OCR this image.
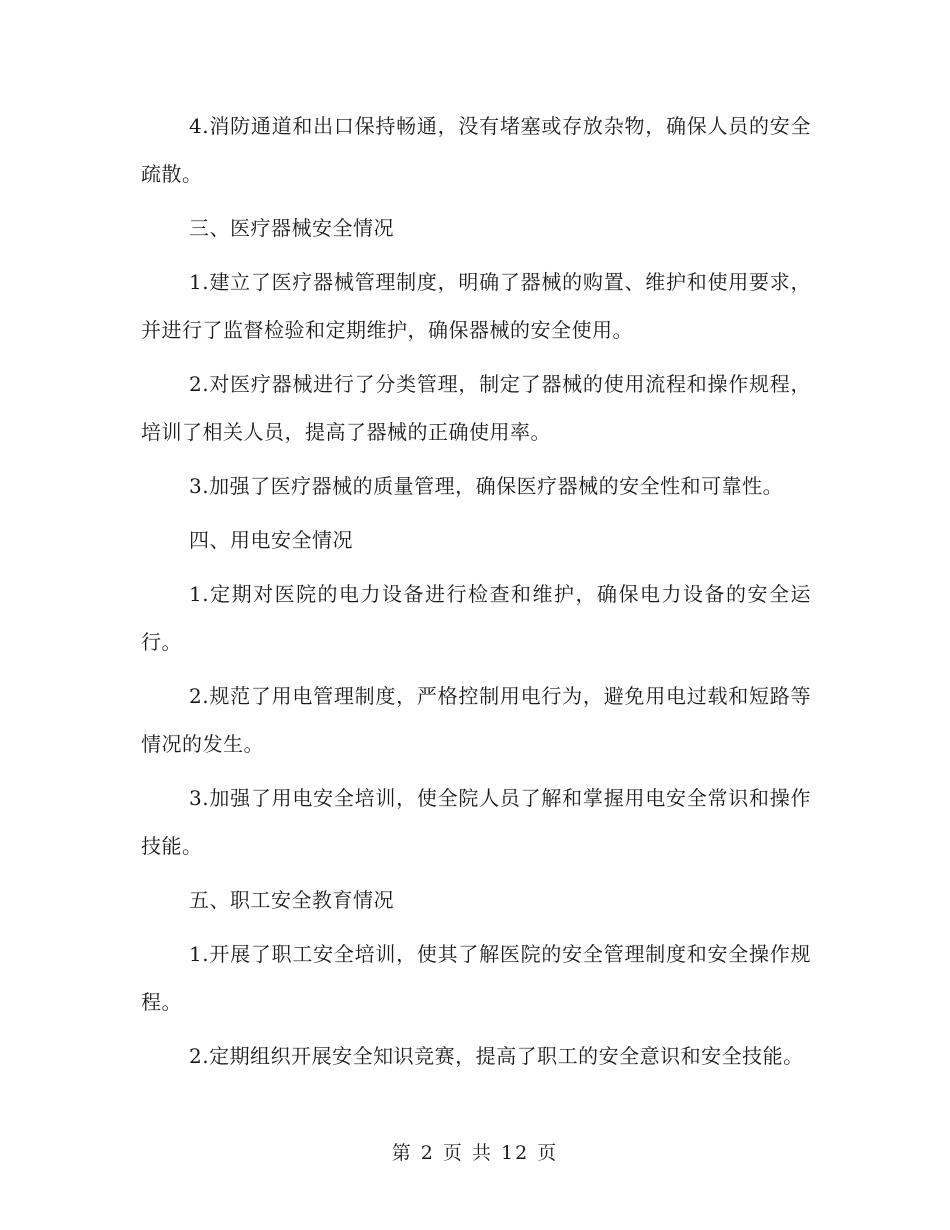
4.消防通道和出口保持畅通，没有堵塞或存放杂物，确保人员的安全疏散。

三、医疗器械安全情况

1.建立了医疗器械管理制度，明确了器械的购置、维护和使用要求，并进行了监督检验和定期维护，确保器械的安全使用。

2.对医疗器械进行了分类管理，制定了器械的使用流程和操作规程，培训了相关人员，提高了器械的正确使用率。

3.加强了医疗器械的质量管理，确保医疗器械的安全性和可靠性。

四、用电安全情况

1.定期对医院的电力设备进行检查和维护，确保电力设备的安全运行。

2.规范了用电管理制度，严格控制用电行为，避免用电过载和短路等情况的发生。

3.加强了用电安全培训，使全院人员了解和掌握用电安全常识和操作技能。

五、职工安全教育情况

1.开展了职工安全培训，使其了解医院的安全管理制度和安全操作规程。

2.定期组织开展安全知识竞赛，提高了职工的安全意识和安全技能。

第 2 页 共 12 页
